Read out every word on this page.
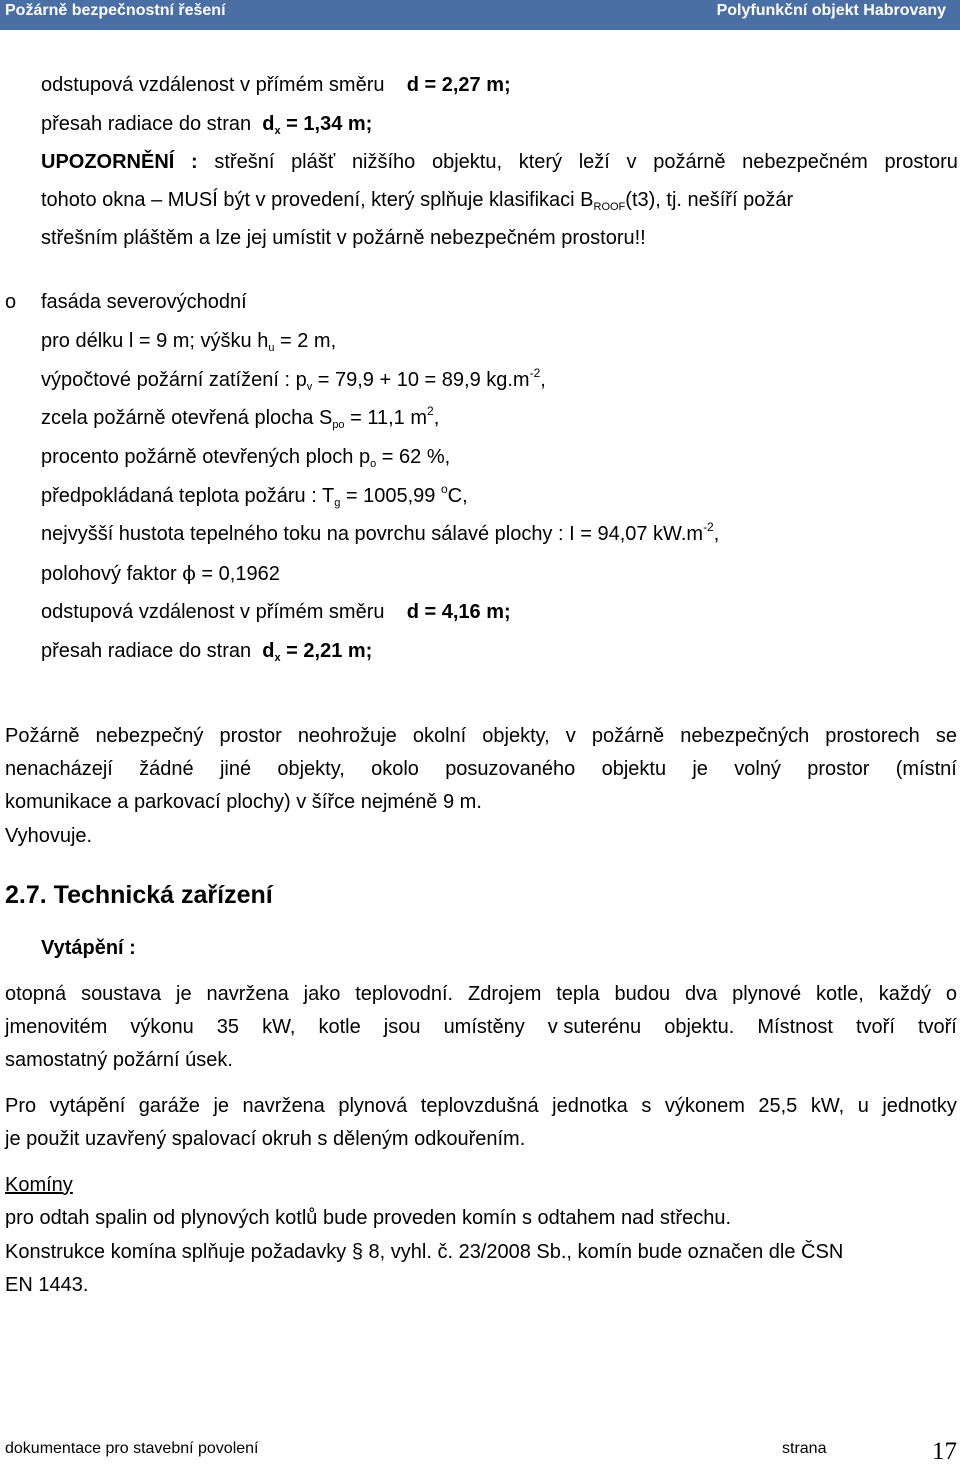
Požárně bezpečnostní řešení	Polyfunkční objekt Habrovany
odstupová vzdálenost v přímém směru d = 2,27 m;
přesah radiace do stran $d_x = 1,34$ m;
UPOZORNĚNÍ : střešní plášť nižšího objektu, který leží v požárně nebezpečném prostoru
tohoto okna – MUSÍ být v provedení, který splňuje klasifikaci $B_{ROOF}(t3)$, tj. nešíří požár
střešním pláštěm a lze jej umístit v požárně nebezpečném prostoru!!
o fasáda severovýchodní
pro délku l = 9 m; výšku $h_u = 2$ m,
výpočtové požární zatížení : $p_v = 79,9 + 10 = 89,9$ $kg.m^{-2}$,
zcela požárně otevřená plocha $S_{po} = 11,1$ $m^2$,
procento požárně otevřených ploch $p_o = 62$ %,
předpokládaná teplota požáru : $T_g = 1005,99$ $^o$C,
nejvyšší hustota tepelného toku na povrchu sálavé plochy : I = 94,07 $kW.m^{-2}$,
polohový faktor ϕ = 0,1962
odstupová vzdálenost v přímém směru d = 4,16 m;
přesah radiace do stran $d_x = 2,21$ m;
Požárně nebezpečný prostor neohrožuje okolní objekty, v požárně nebezpečných prostorech se
nenacházejí žádné jiné objekty, okolo posuzovaného objektu je volný prostor (místní
komunikace a parkovací plochy) v šířce nejméně 9 m.
Vyhovuje.
2.7. Technická zařízení
Vytápění :
otopná soustava je navržena jako teplovodní. Zdrojem tepla budou dva plynové kotle, každý o
jmenovitém výkonu 35 kW, kotle jsou umístěny v suterénu objektu. Místnost tvoří tvoří
samostatný požární úsek.
Pro vytápění garáže je navržena plynová teplovzdušná jednotka s výkonem 25,5 kW, u jednotky
je použit uzavřený spalovací okruh s děleným odkouřením.
Komíny
pro odtah spalin od plynových kotlů bude proveden komín s odtahem nad střechu.
Konstrukce komína splňuje požadavky § 8, vyhl. č. 23/2008 Sb., komín bude označen dle ČSN
EN 1443.
dokumentace pro stavební povolení	strana	17
